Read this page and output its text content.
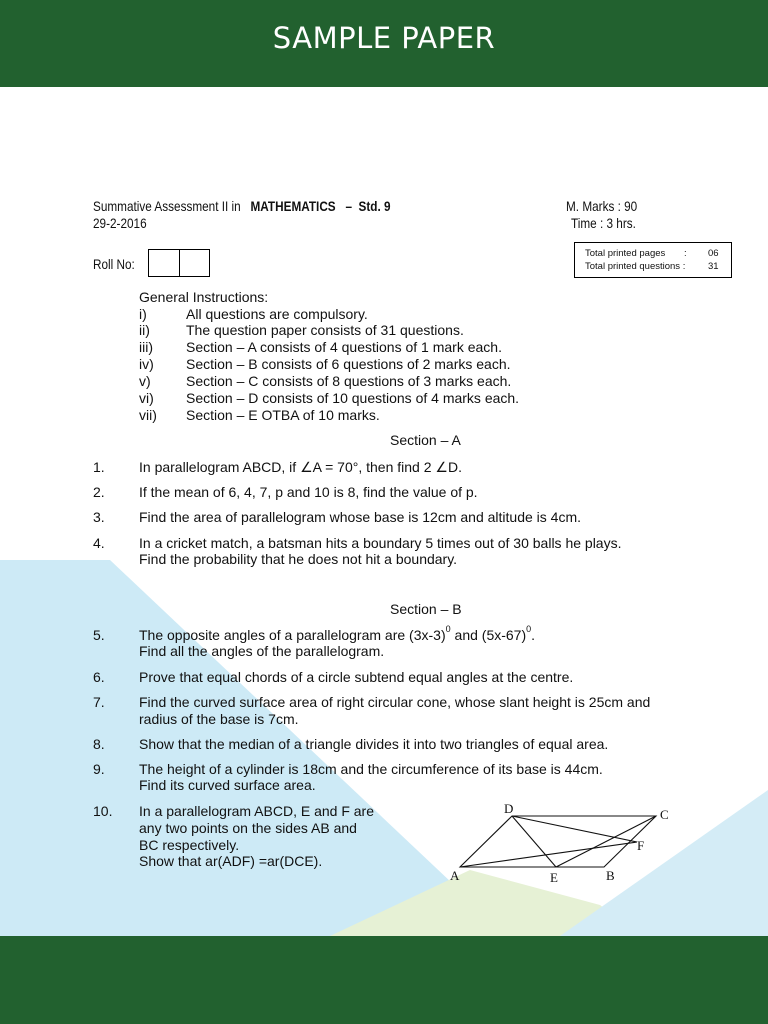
SAMPLE PAPER
Summative Assessment II in MATHEMATICS – Std. 9
29-2-2016
M. Marks : 90
Time : 3 hrs.
Roll No:
Total printed pages : 06
Total printed questions : 31
General Instructions:
i)	All questions are compulsory.
ii)	The question paper consists of 31 questions.
iii) Section – A consists of 4 questions of 1 mark each.
iv) Section – B consists of 6 questions of 2 marks each.
v)	Section – C consists of 8 questions of 3 marks each.
vi) Section – D consists of 10 questions of 4 marks each.
vii) Section – E OTBA of 10 marks.
Section – A
1. In parallelogram ABCD, if ∠A = 70°, then find 2 ∠D.
2. If the mean of 6, 4, 7, p and 10 is 8, find the value of p.
3. Find the area of parallelogram whose base is 12cm and altitude is 4cm.
4. In a cricket match, a batsman hits a boundary 5 times out of 30 balls he plays.
Find the probability that he does not hit a boundary.
Section – B
5. The opposite angles of a parallelogram are $(3x-3)^0$ and $(5x-67)^0$.
Find all the angles of the parallelogram.
6. Prove that equal chords of a circle subtend equal angles at the centre.
7. Find the curved surface area of right circular cone, whose slant height is 25cm and
radius of the base is 7cm.
8. Show that the median of a triangle divides it into two triangles of equal area.
9. The height of a cylinder is 18cm and the circumference of its base is 44cm.
Find its curved surface area.
10. In a parallelogram ABCD, E and F are
any two points on the sides AB and
BC respectively.
Show that ar(ADF) =ar(DCE).
D	C
F
A	E	B
